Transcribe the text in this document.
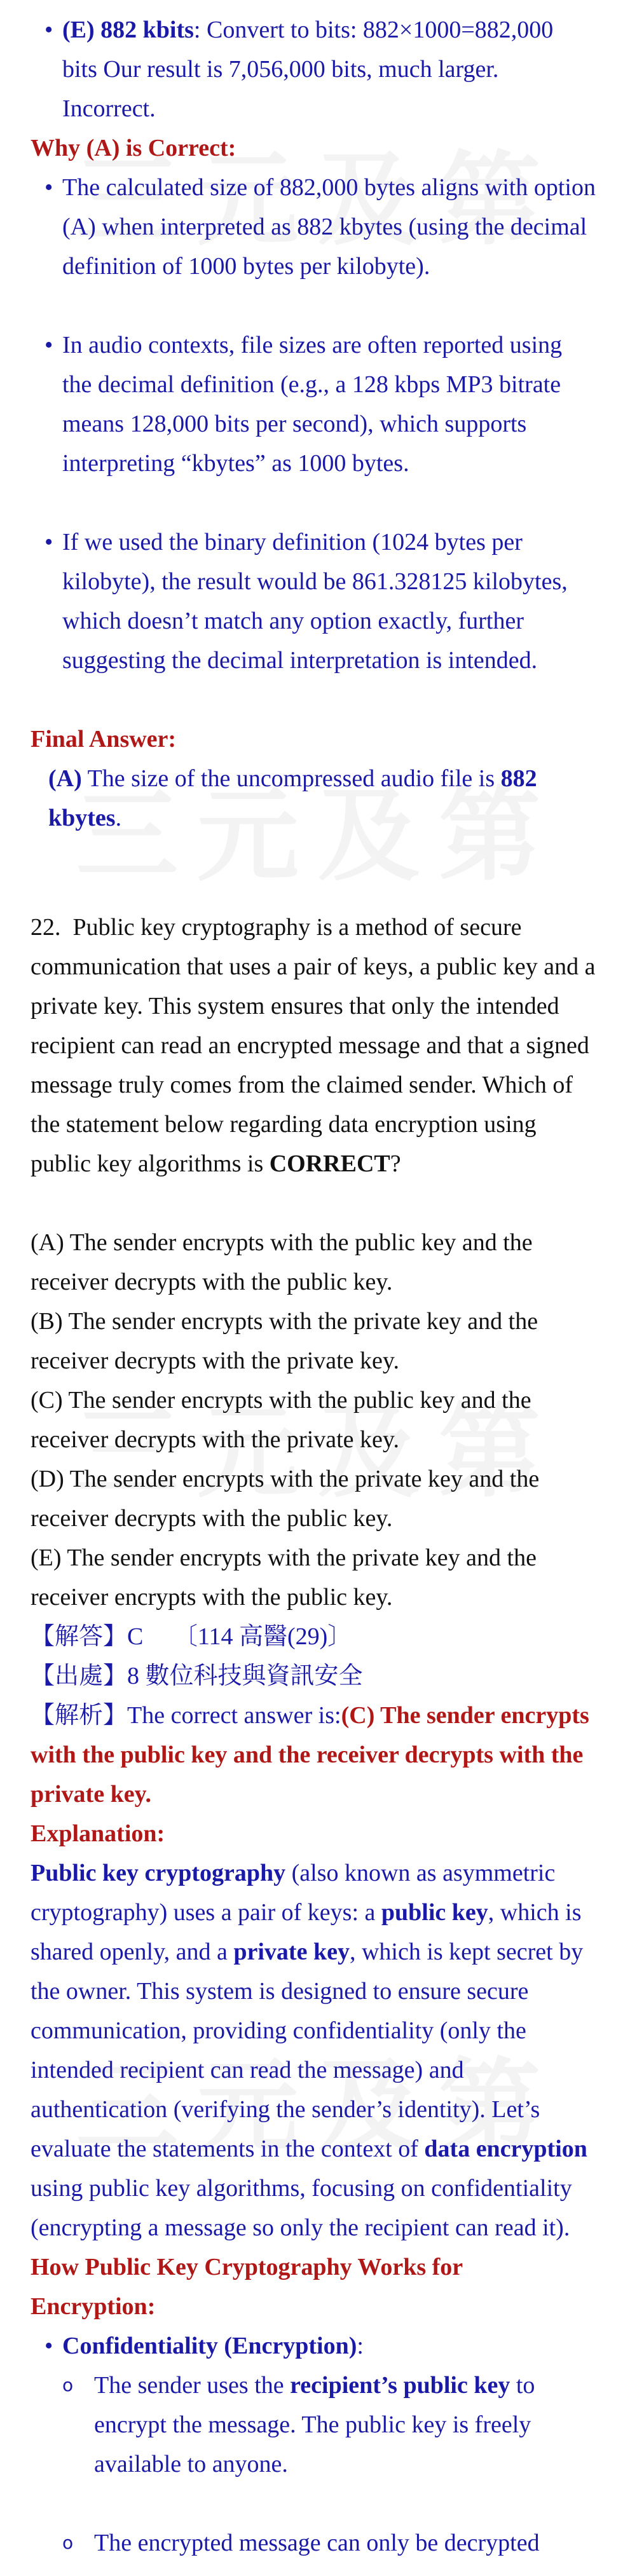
• (E) 882 kbits: Convert to bits: 882×1000=882,000 bits Our result is 7,056,000 bits, much larger. Incorrect.

Why (A) is Correct:

• The calculated size of 882,000 bytes aligns with option (A) when interpreted as 882 kbytes (using the decimal definition of 1000 bytes per kilobyte).

• In audio contexts, file sizes are often reported using the decimal definition (e.g., a 128 kbps MP3 bitrate means 128,000 bits per second), which supports interpreting “kbytes” as 1000 bytes.

• If we used the binary definition (1024 bytes per kilobyte), the result would be 861.328125 kilobytes, which doesn’t match any option exactly, further suggesting the decimal interpretation is intended.

Final Answer:

(A) The size of the uncompressed audio file is 882 kbytes.

22. Public key cryptography is a method of secure communication that uses a pair of keys, a public key and a private key. This system ensures that only the intended recipient can read an encrypted message and that a signed message truly comes from the claimed sender. Which of the statement below regarding data encryption using public key algorithms is CORRECT?

(A) The sender encrypts with the public key and the receiver decrypts with the public key.

(B) The sender encrypts with the private key and the receiver decrypts with the private key.

(C) The sender encrypts with the public key and the receiver decrypts with the private key.

(D) The sender encrypts with the private key and the receiver decrypts with the public key.

(E) The sender encrypts with the private key and the receiver encrypts with the public key.

【解答】C 〔114 高醫(29)〕

【出處】8 數位科技與資訊安全

【解析】The correct answer is:(C) The sender encrypts with the public key and the receiver decrypts with the private key.

Explanation:

Public key cryptography (also known as asymmetric cryptography) uses a pair of keys: a public key, which is shared openly, and a private key, which is kept secret by the owner. This system is designed to ensure secure communication, providing confidentiality (only the intended recipient can read the message) and authentication (verifying the sender’s identity). Let’s evaluate the statements in the context of data encryption using public key algorithms, focusing on confidentiality (encrypting a message so only the recipient can read it).

How Public Key Cryptography Works for Encryption:

• Confidentiality (Encryption):

o The sender uses the recipient’s public key to encrypt the message. The public key is freely available to anyone.

o The encrypted message can only be decrypted
